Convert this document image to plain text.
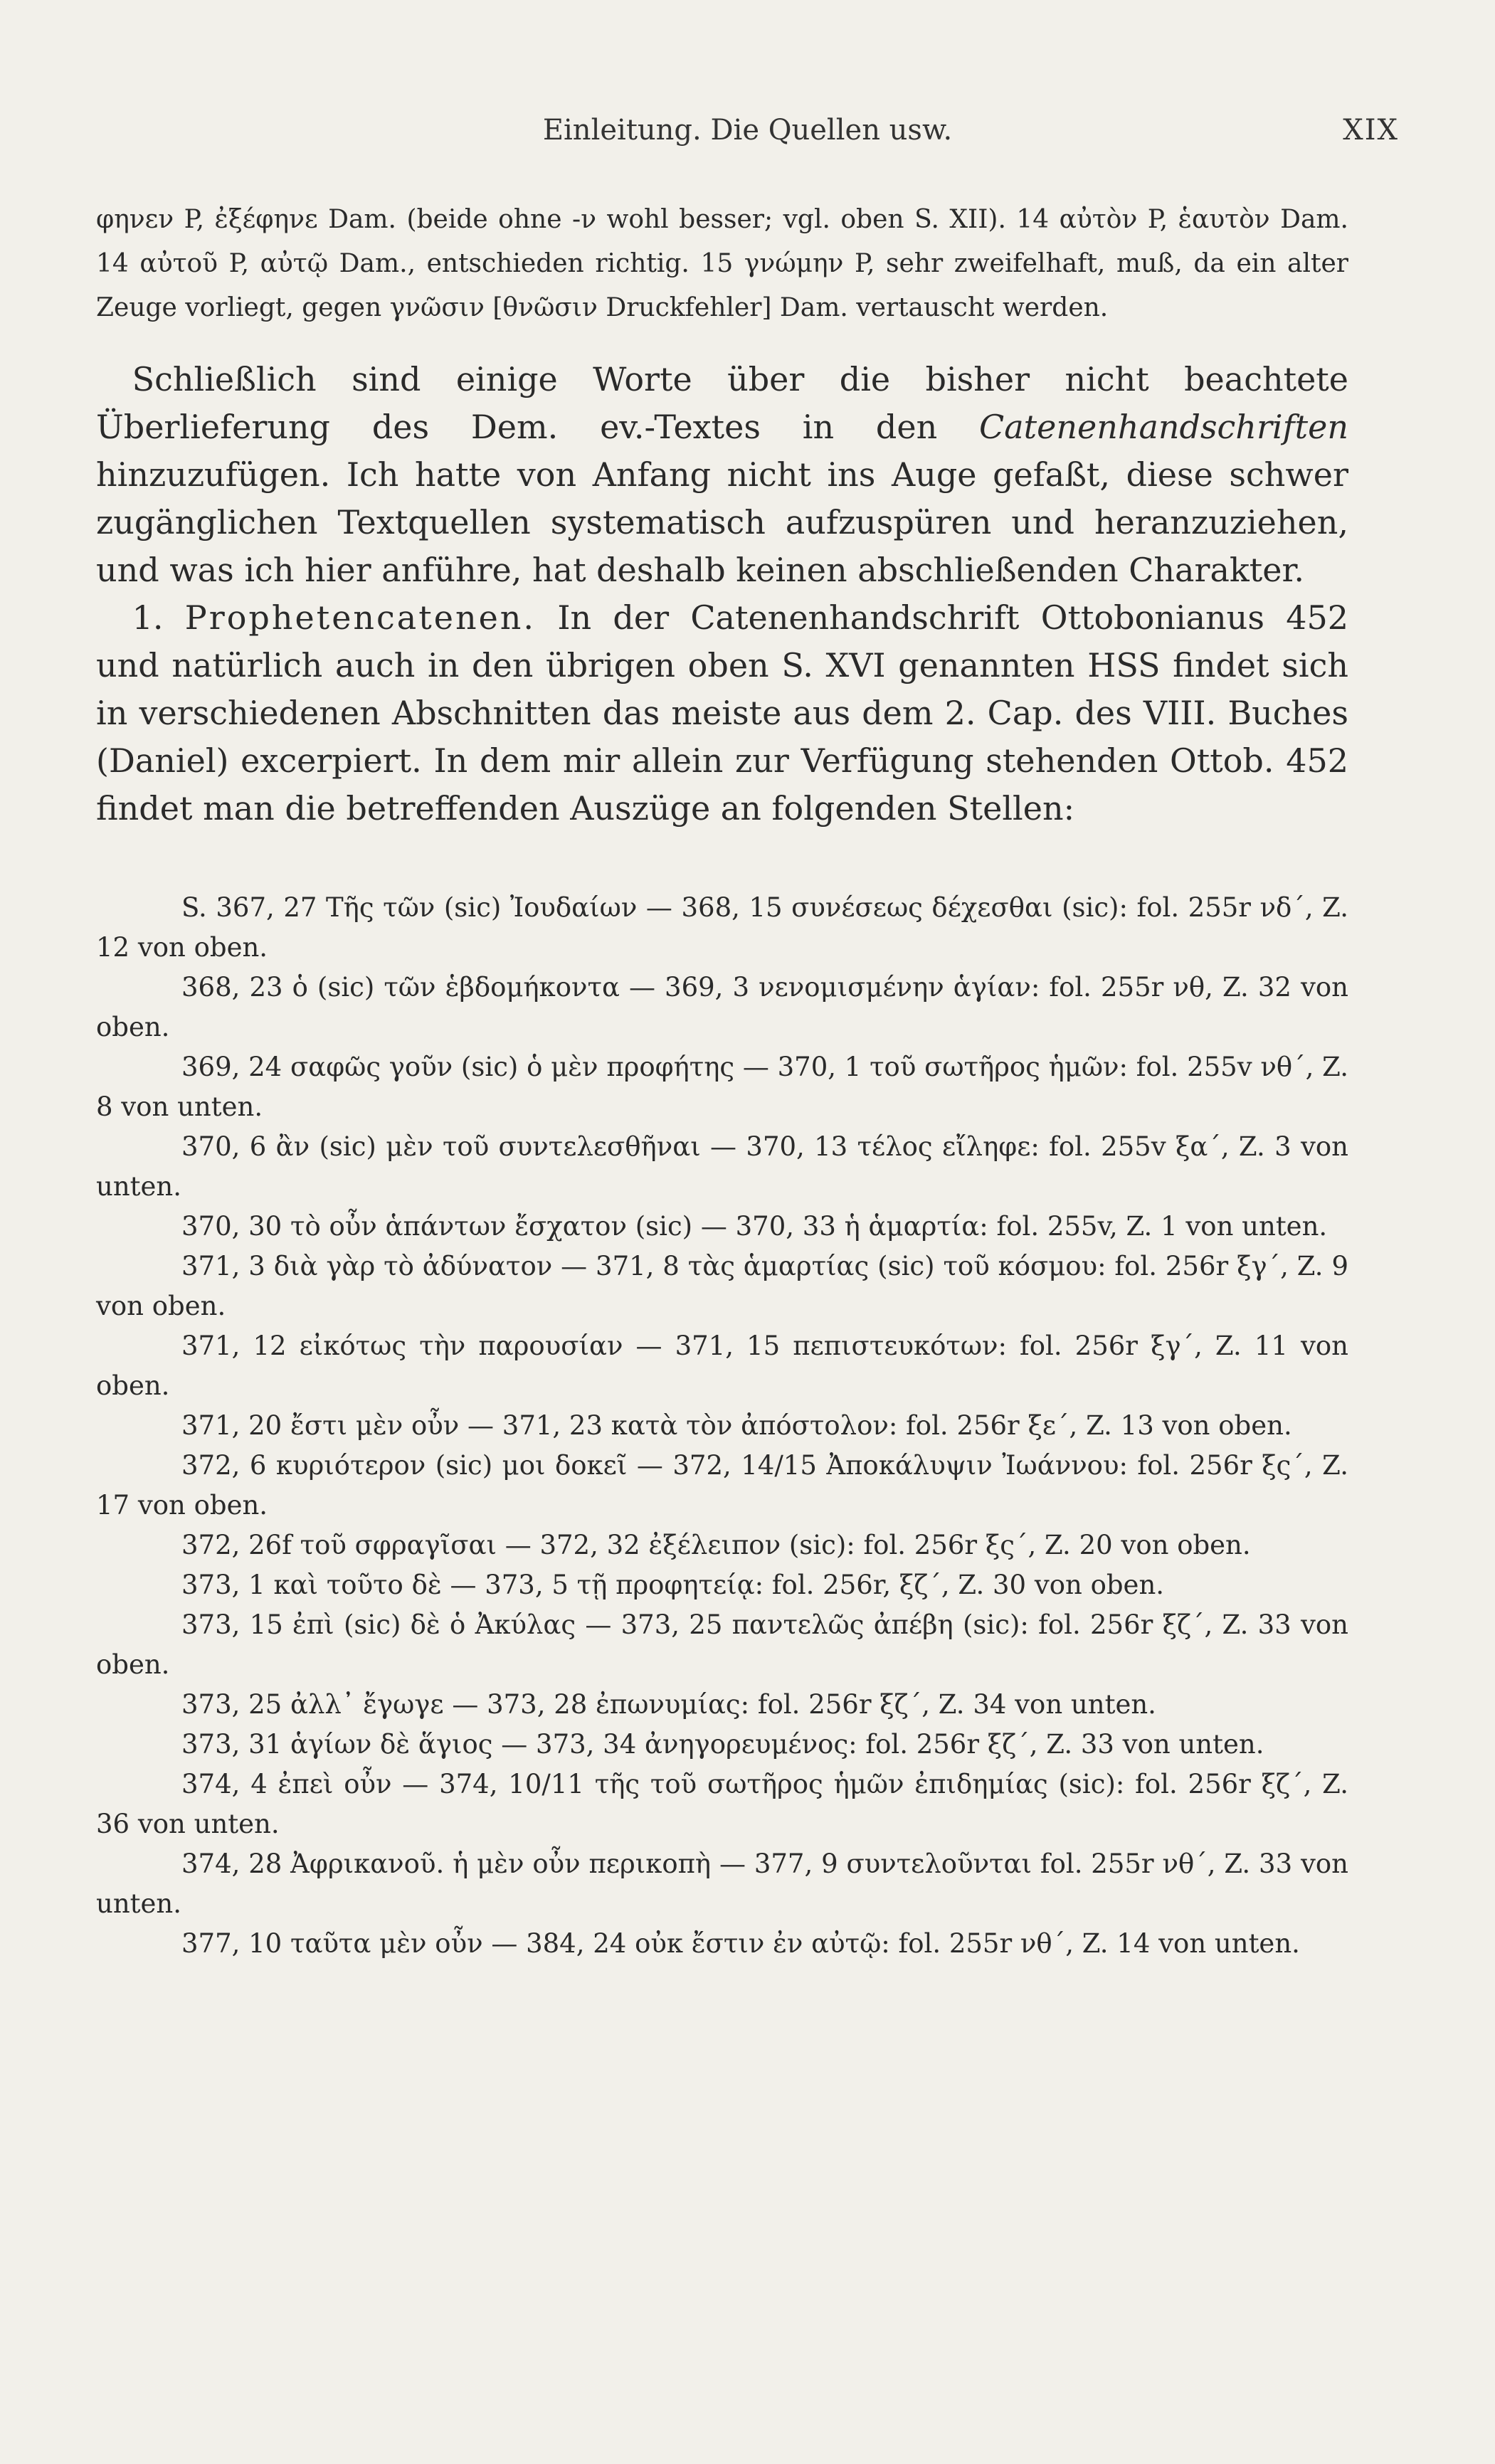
Einleitung. Die Quellen usw.	XIX
φηνεν P, ἐξέφηνε Dam. (beide ohne -ν wohl besser; vgl. oben S. XII). 14 αὐτὸν P, ἑαυτὸν Dam. 14 αὐτοῦ P, αὐτῷ Dam., entschieden richtig. 15 γνώμην P, sehr zweifelhaft, muß, da ein alter Zeuge vorliegt, gegen γνῶσιν [θνῶσιν Druckfehler] Dam. vertauscht werden.

Schließlich sind einige Worte über die bisher nicht beachtete Überlieferung des Dem. ev.-Textes in den Catenenhandschriften hinzuzufügen. Ich hatte von Anfang nicht ins Auge gefaßt, diese schwer zugänglichen Textquellen systematisch aufzuspüren und heranzuziehen, und was ich hier anführe, hat deshalb keinen abschließenden Charakter.

1. Prophetencatenen. In der Catenenhandschrift Ottobonianus 452 und natürlich auch in den übrigen oben S. XVI genannten HSS findet sich in verschiedenen Abschnitten das meiste aus dem 2. Cap. des VIII. Buches (Daniel) excerpiert. In dem mir allein zur Verfügung stehenden Ottob. 452 findet man die betreffenden Auszüge an folgenden Stellen:

S. 367, 27 Τῆς τῶν (sic) Ἰουδαίων — 368, 15 συνέσεως δέχεσθαι (sic): fol. 255r νδ΄, Z. 12 von oben.

368, 23 ὁ (sic) τῶν ἑβδομήκοντα — 369, 3 νενομισμένην ἁγίαν: fol. 255r νθ, Z. 32 von oben.

369, 24 σαφῶς γοῦν (sic) ὁ μὲν προφήτης — 370, 1 τοῦ σωτῆρος ἡμῶν: fol. 255v νθ΄, Z. 8 von unten.

370, 6 ἂν (sic) μὲν τοῦ συντελεσθῆναι — 370, 13 τέλος εἴληφε: fol. 255v ξα΄, Z. 3 von unten.

370, 30 τὸ οὖν ἁπάντων ἔσχατον (sic) — 370, 33 ἡ ἁμαρτία: fol. 255v, Z. 1 von unten.

371, 3 διὰ γὰρ τὸ ἀδύνατον — 371, 8 τὰς ἁμαρτίας (sic) τοῦ κόσμου: fol. 256r ξγ΄, Z. 9 von oben.

371, 12 εἰκότως τὴν παρουσίαν — 371, 15 πεπιστευκότων: fol. 256r ξγ΄, Z. 11 von oben.

371, 20 ἔστι μὲν οὖν — 371, 23 κατὰ τὸν ἀπόστολον: fol. 256r ξε΄, Z. 13 von oben.

372, 6 κυριότερον (sic) μοι δοκεῖ — 372, 14/15 Ἀποκάλυψιν Ἰωάννου: fol. 256r ξς΄, Z. 17 von oben.

372, 26f τοῦ σφραγῖσαι — 372, 32 ἐξέλειπον (sic): fol. 256r ξς΄, Z. 20 von oben.

373, 1 καὶ τοῦτο δὲ — 373, 5 τῇ προφητείᾳ: fol. 256r, ξζ΄, Z. 30 von oben.

373, 15 ἐπὶ (sic) δὲ ὁ Ἀκύλας — 373, 25 παντελῶς ἀπέβη (sic): fol. 256r ξζ΄, Z. 33 von oben.

373, 25 ἀλλ᾽ ἔγωγε — 373, 28 ἐπωνυμίας: fol. 256r ξζ΄, Z. 34 von unten.

373, 31 ἁγίων δὲ ἅγιος — 373, 34 ἀνηγορευμένος: fol. 256r ξζ΄, Z. 33 von unten.

374, 4 ἐπεὶ οὖν — 374, 10/11 τῆς τοῦ σωτῆρος ἡμῶν ἐπιδημίας (sic): fol. 256r ξζ΄, Z. 36 von unten.

374, 28 Ἀφρικανοῦ. ἡ μὲν οὖν περικοπὴ — 377, 9 συντελοῦνται fol. 255r νθ΄, Z. 33 von unten.

377, 10 ταῦτα μὲν οὖν — 384, 24 οὐκ ἔστιν ἐν αὐτῷ: fol. 255r νθ΄, Z. 14 von unten.
